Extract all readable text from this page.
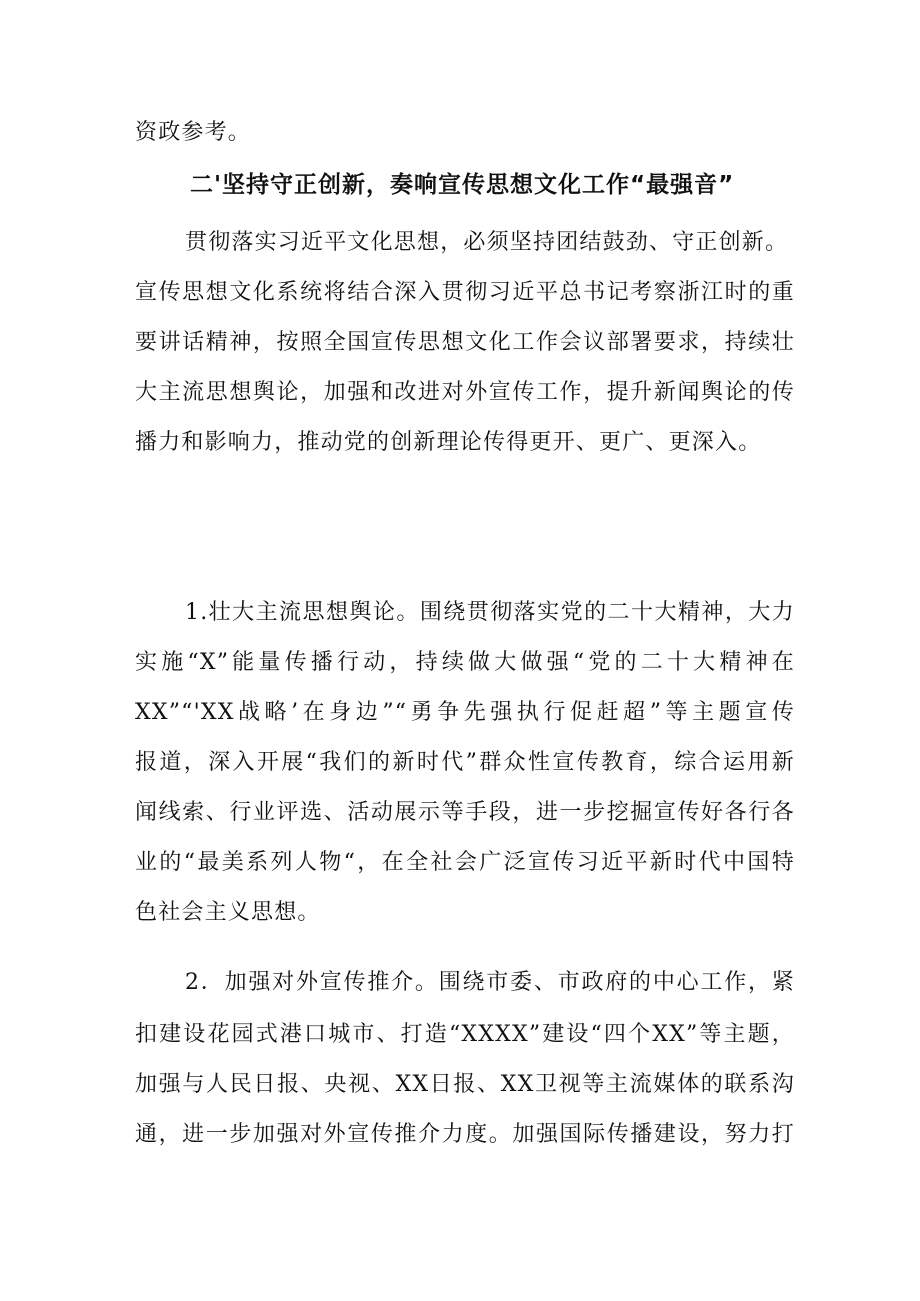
资政参考。
二'坚持守正创新，奏响宣传思想文化工作“最强音”
贯彻落实习近平文化思想，必须坚持团结鼓劲、守正创新。
宣传思想文化系统将结合深入贯彻习近平总书记考察浙江时的重
要讲话精神，按照全国宣传思想文化工作会议部署要求，持续壮
大主流思想舆论，加强和改进对外宣传工作，提升新闻舆论的传
播力和影响力，推动党的创新理论传得更开、更广、更深入。
1.壮大主流思想舆论。围绕贯彻落实党的二十大精神，大力
实施“X”能量传播行动，持续做大做强“党的二十大精神在
XX”“'XX战略’在身边”“勇争先强执行促赶超”等主题宣传
报道，深入开展“我们的新时代”群众性宣传教育，综合运用新
闻线索、行业评选、活动展示等手段，进一步挖掘宣传好各行各
业的“最美系列人物“，在全社会广泛宣传习近平新时代中国特
色社会主义思想。
2．加强对外宣传推介。围绕市委、市政府的中心工作，紧
扣建设花园式港口城市、打造“XXXX”建设“四个XX”等主题，
加强与人民日报、央视、XX日报、XX卫视等主流媒体的联系沟
通，进一步加强对外宣传推介力度。加强国际传播建设，努力打
